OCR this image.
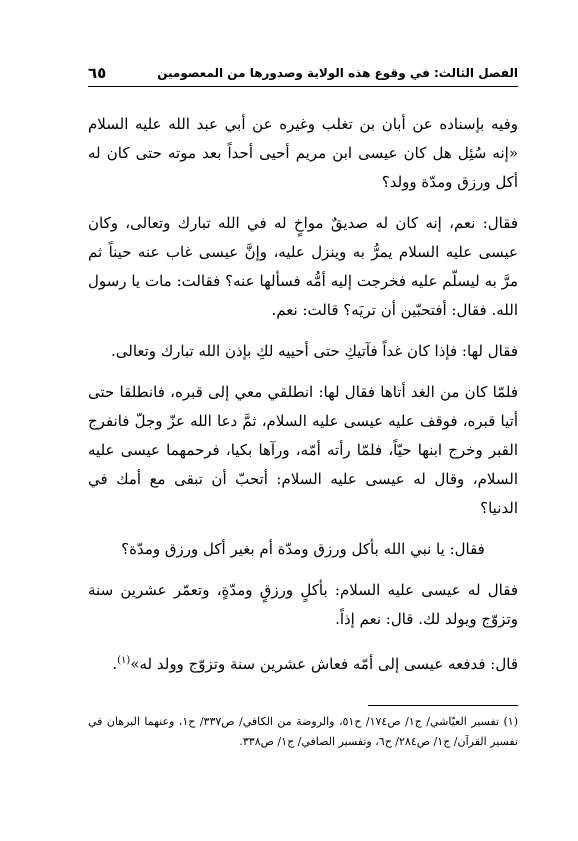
الفصل الثالث: في وقوع هذه الولاية وصدورها من المعصومين
٦٥

وفيه بإسناده عن أبان بن تغلب وغيره عن أبي عبد الله عليه السلام «إنه سُئِل هل كان عيسى ابن مريم أحيى أحداً بعد موته حتى كان له أكل ورزق ومدّة وولد؟

فقال: نعم، إنه كان له صديقٌ مواخٍ له في الله تبارك وتعالى، وكان عيسى عليه السلام يمرُّ به وينزل عليه، وإنَّ عيسى غاب عنه حيناً ثم مرَّ به ليسلّم عليه فخرجت إليه أمُّه فسألها عنه؟ فقالت: مات يا رسول الله. فقال: أفتحبّين أن تريَه؟ قالت: نعم.

فقال لها: فإذا كان غداً فآتيكِ حتى أحييه لكِ بإذن الله تبارك وتعالى.

فلمّا كان من الغد أتاها فقال لها: انطلقي معي إلى قبره، فانطلقا حتى أتيا قبره، فوقف عليه عيسى عليه السلام، ثمَّ دعا الله عزّ وجلّ فانفرج القبر وخرج ابنها حيّاً، فلمّا رأته أمّه، ورآها بكيا، فرحمهما عيسى عليه السلام، وقال له عيسى عليه السلام: أتحبّ أن تبقى مع أمك في الدنيا؟

فقال: يا نبي الله بأكل ورزق ومدّة أم بغير أكل ورزق ومدّة؟

فقال له عيسى عليه السلام: بأكلٍ ورزقٍ ومدّةٍ، وتعمّر عشرين سنة وتزوّج ويولد لك. قال: نعم إذاً.

قال: فدفعه عيسى إلى أمّه فعاش عشرين سنة وتزوّج وولد له»$^{(١)}$.

(١) تفسير العيّاشي/ ج١/ ص١٧٤/ ح٥١، والروضة من الكافي/ ص٣٣٧/ ح١، وعنهما البرهان في تفسير القرآن/ ج١/ ص٢٨٤/ ح٦، وتفسير الصافي/ ج١/ ص٣٣٨.
